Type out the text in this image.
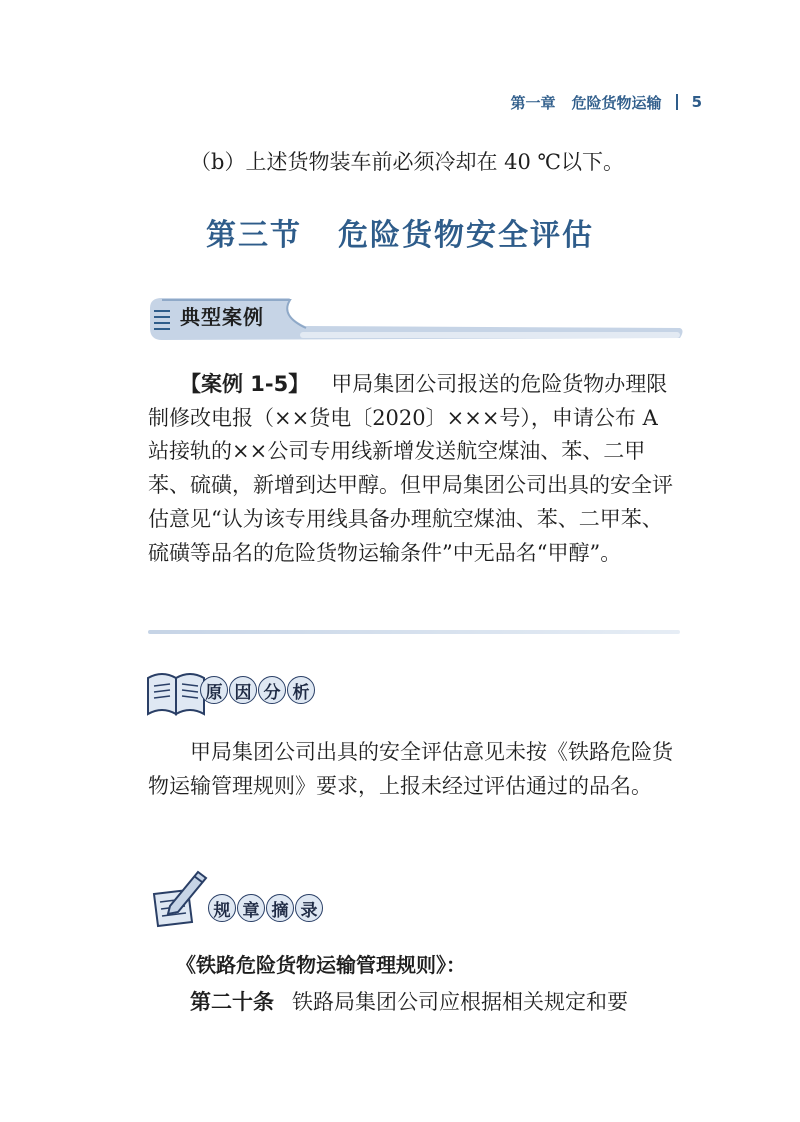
第一章 危险货物运输 5
（b）上述货物装车前必须冷却在 40 ℃以下。
第三节 危险货物安全评估
典型案例
【案例 1-5】 甲局集团公司报送的危险货物办理限制修改电报（××货电〔2020〕×××号），申请公布 A 站接轨的××公司专用线新增发送航空煤油、苯、二甲苯、硫磺，新增到达甲醇。但甲局集团公司出具的安全评估意见“认为该专用线具备办理航空煤油、苯、二甲苯、硫磺等品名的危险货物运输条件”中无品名“甲醇”。
原 因 分 析
甲局集团公司出具的安全评估意见未按《铁路危险货物运输管理规则》要求，上报未经过评估通过的品名。
规 章 摘 录
《铁路危险货物运输管理规则》：
第二十条 铁路局集团公司应根据相关规定和要
